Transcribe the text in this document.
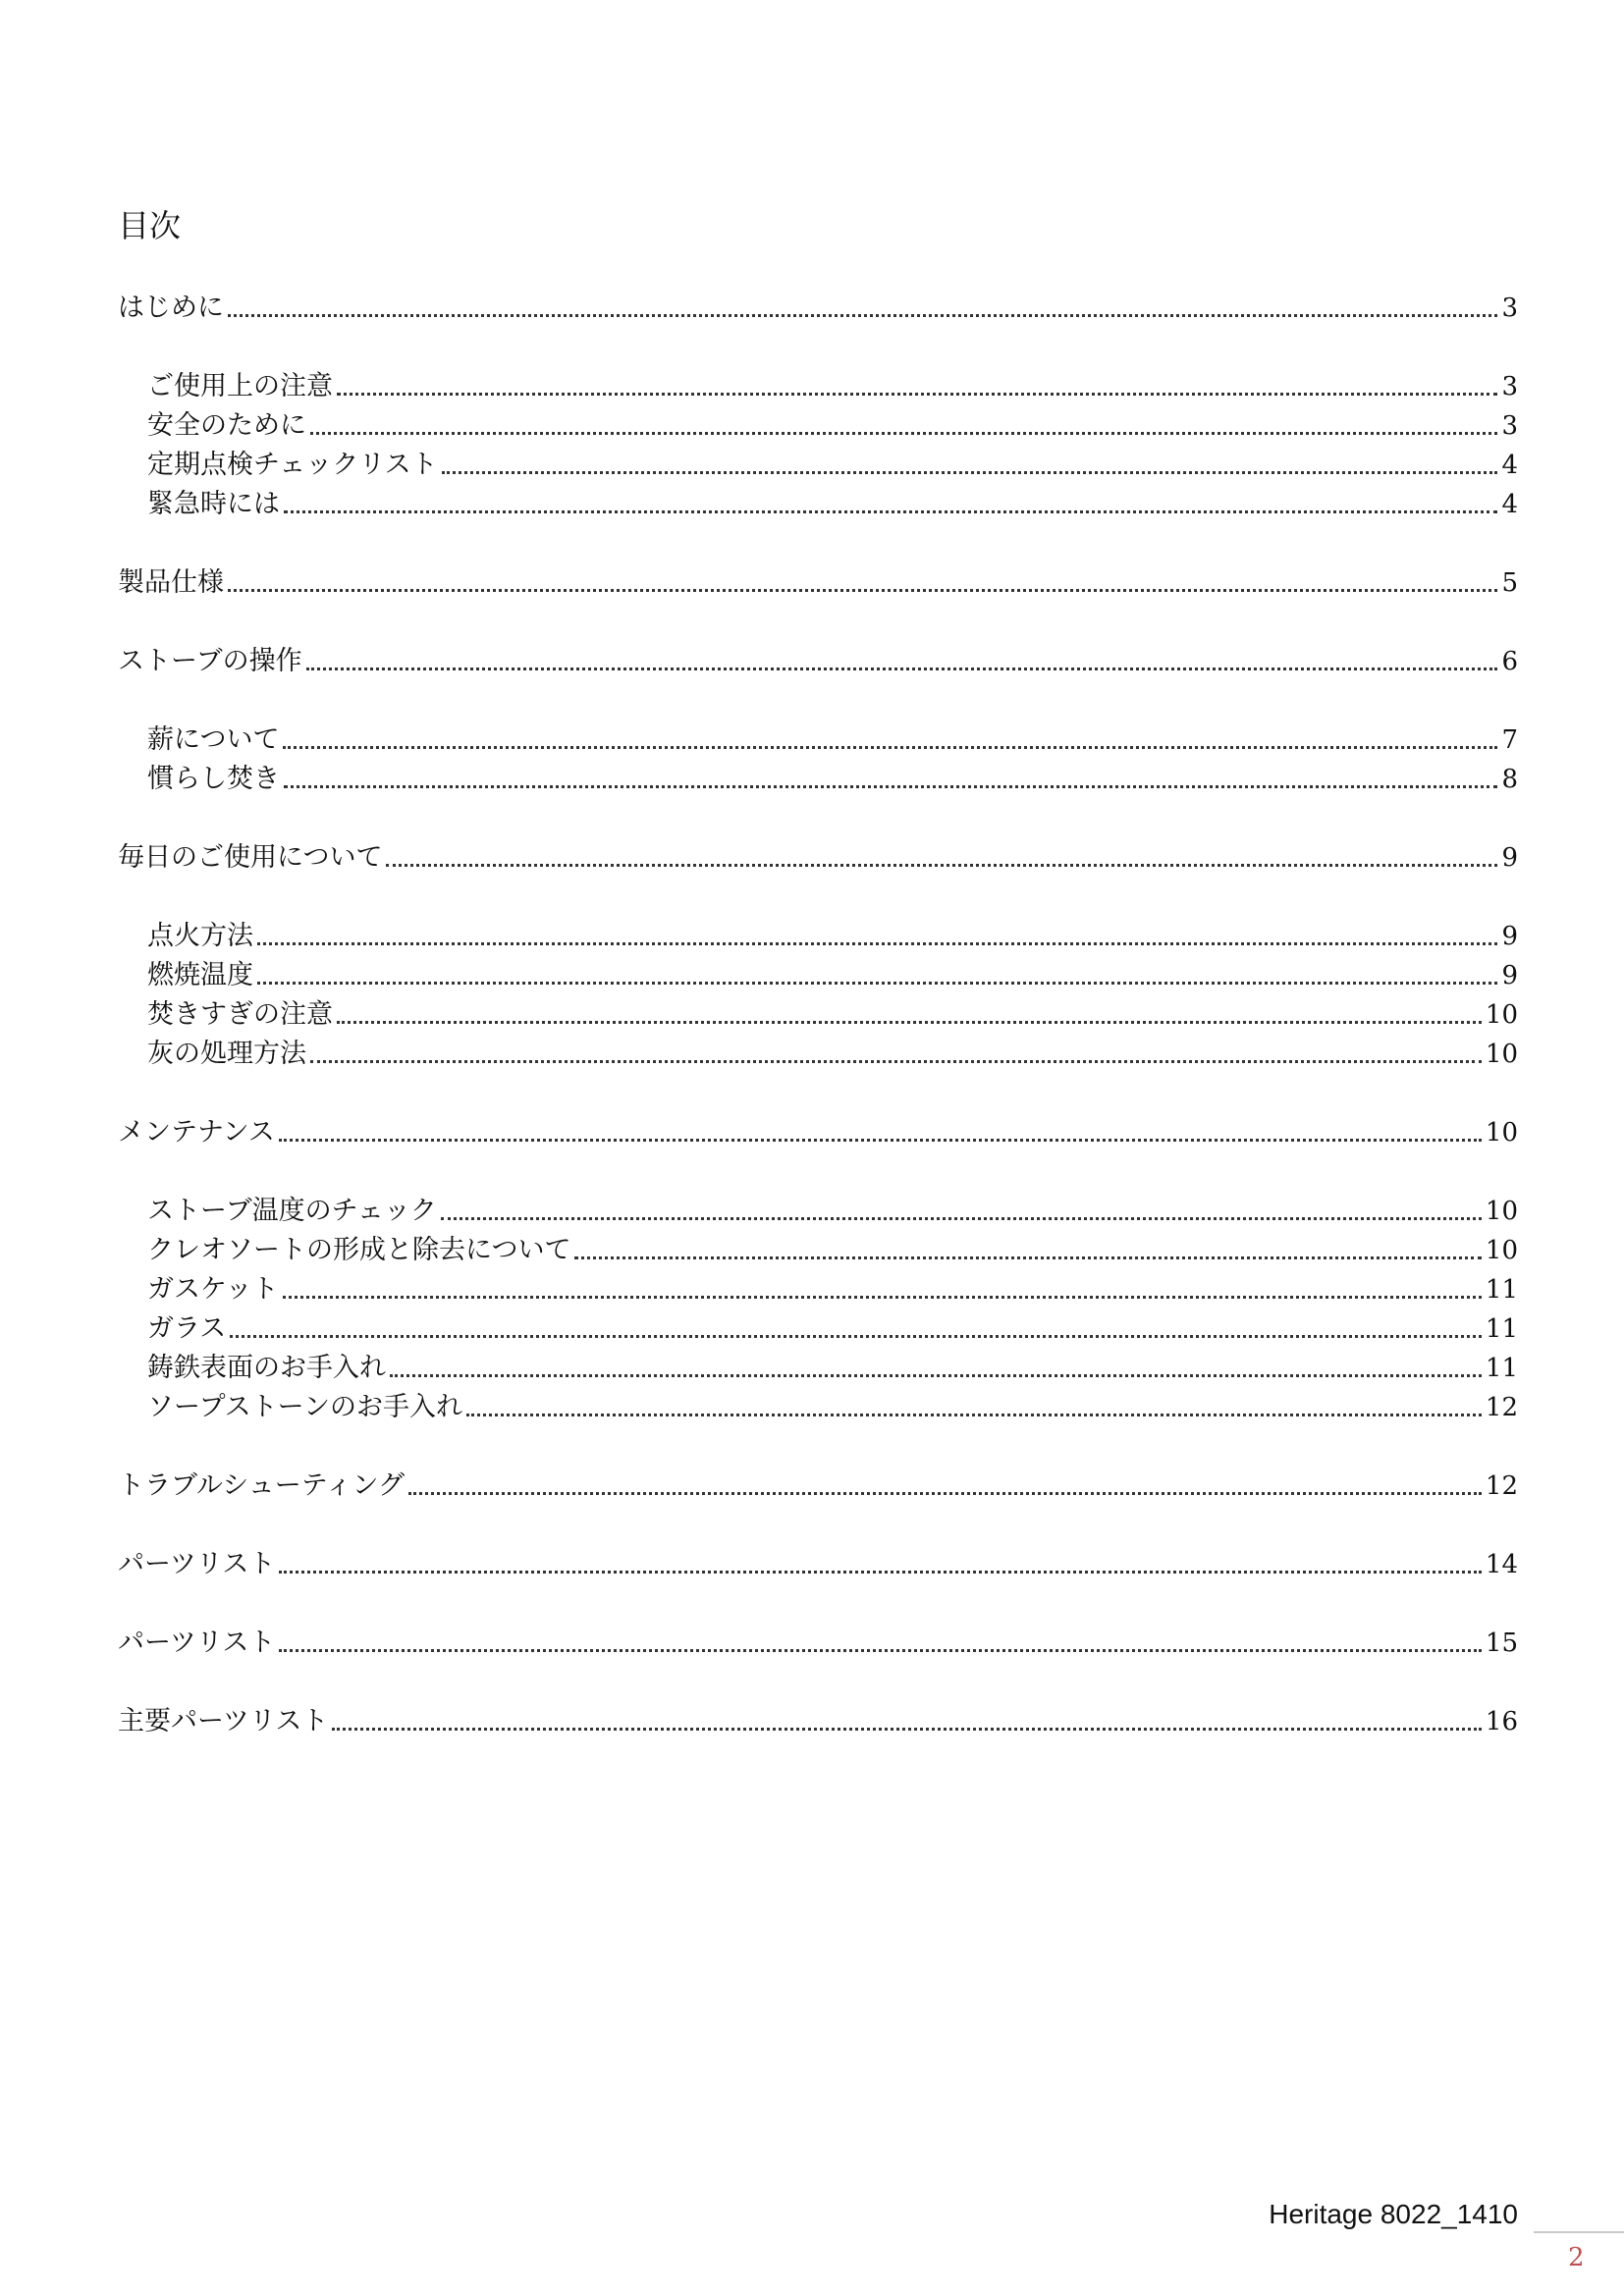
目次
はじめに	3
ご使用上の注意	3
安全のために	3
定期点検チェックリスト	4
緊急時には	4
製品仕様	5
ストーブの操作	6
薪について	7
慣らし焚き	8
毎日のご使用について	9
点火方法	9
燃焼温度	9
焚きすぎの注意	10
灰の処理方法	10
メンテナンス	10
ストーブ温度のチェック	10
クレオソートの形成と除去について	10
ガスケット	11
ガラス	11
鋳鉄表面のお手入れ	11
ソープストーンのお手入れ	12
トラブルシューティング	12
パーツリスト	14
パーツリスト	15
主要パーツリスト	16
Heritage 8022_1410
2
